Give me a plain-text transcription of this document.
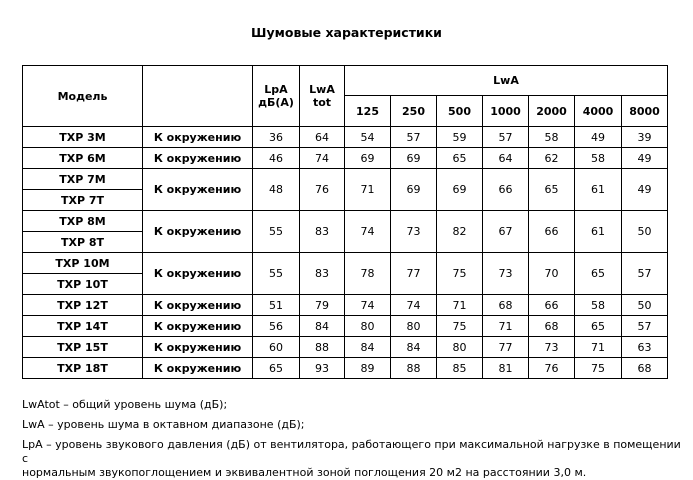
Шумовые характеристики
Модель		LpA дБ(А)	LwA tot	LwA						
				125	250	500	1000	2000	4000	8000
TXP 3M	К окружению	36	64	54	57	59	57	58	49	39
TXP 6M	К окружению	46	74	69	69	65	64	62	58	49
TXP 7M	К окружению	48	76	71	69	69	66	65	61	49
TXP 7T										
TXP 8M	К окружению	55	83	74	73	82	67	66	61	50
TXP 8T										
TXP 10M	К окружению	55	83	78	77	75	73	70	65	57
TXP 10T										
TXP 12T	К окружению	51	79	74	74	71	68	66	58	50
TXP 14T	К окружению	56	84	80	80	75	71	68	65	57
TXP 15T	К окружению	60	88	84	84	80	77	73	71	63
TXP 18T	К окружению	65	93	89	88	85	81	76	75	68

LwAtot – общий уровень шума (дБ);

LwA – уровень шума в октавном диапазоне (дБ);

LpA – уровень звукового давления (дБ) от вентилятора, работающего при максимальной нагрузке в помещении с

нормальным звукопоглощением и эквивалентной зоной поглощения 20 м2 на расстоянии 3,0 м.
